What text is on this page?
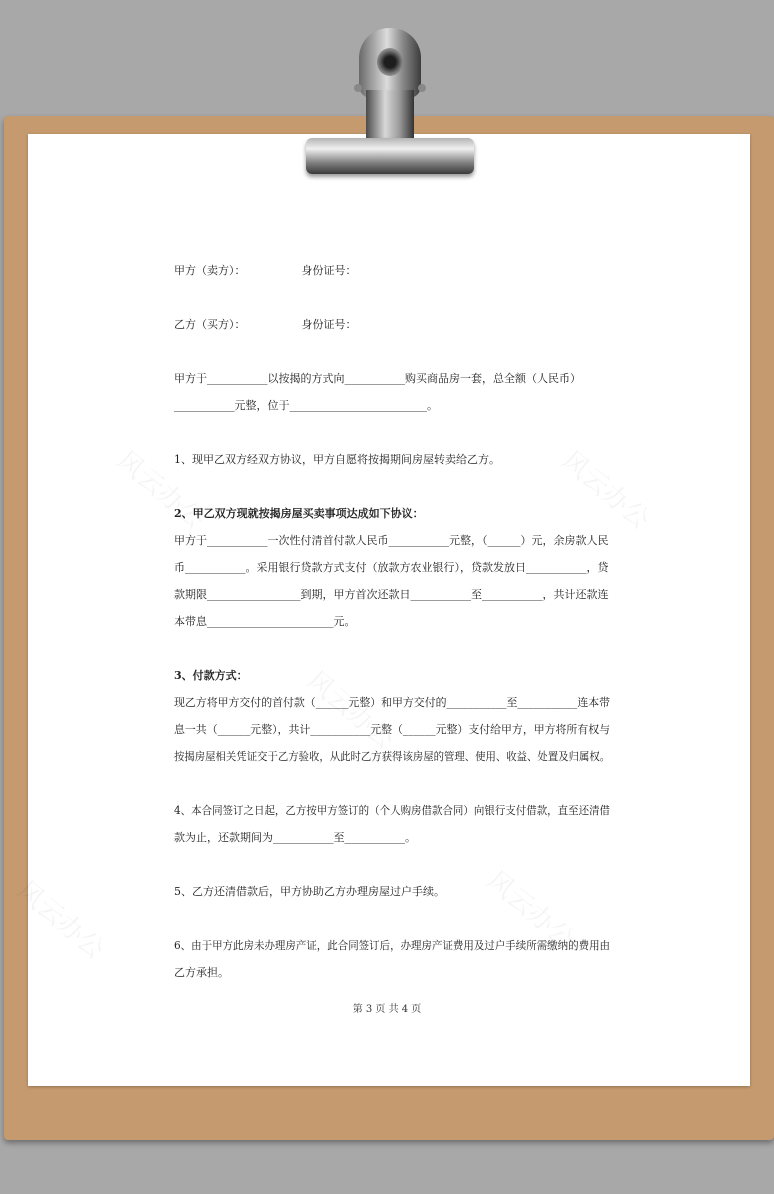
甲方（卖方）：                身份证号：

乙方（买方）：                身份证号：

甲方于___________以按揭的方式向___________购买商品房一套，总全额（人民币）

___________元整，位于_________________________。

1、现甲乙双方经双方协议，甲方自愿将按揭期间房屋转卖给乙方。

2、甲乙双方现就按揭房屋买卖事项达成如下协议：

甲方于___________一次性付清首付款人民币___________元整，（______）元，余房款人民

币___________。采用银行贷款方式支付（放款方农业银行），贷款发放日___________，贷

款期限_________________到期，甲方首次还款日___________至___________，共计还款连

本带息_______________________元。

3、付款方式：

现乙方将甲方交付的首付款（______元整）和甲方交付的___________至___________连本带

息一共（______元整），共计___________元整（______元整）支付给甲方，甲方将所有权与

按揭房屋相关凭证交于乙方验收，从此时乙方获得该房屋的管理、使用、收益、处置及归属权。

4、本合同签订之日起，乙方按甲方签订的（个人购房借款合同）向银行支付借款，直至还清借

款为止，还款期间为___________至___________。

5、乙方还清借款后，甲方协助乙方办理房屋过户手续。

6、由于甲方此房未办理房产证，此合同签订后，办理房产证费用及过户手续所需缴纳的费用由

乙方承担。

第 3 页 共 4 页
